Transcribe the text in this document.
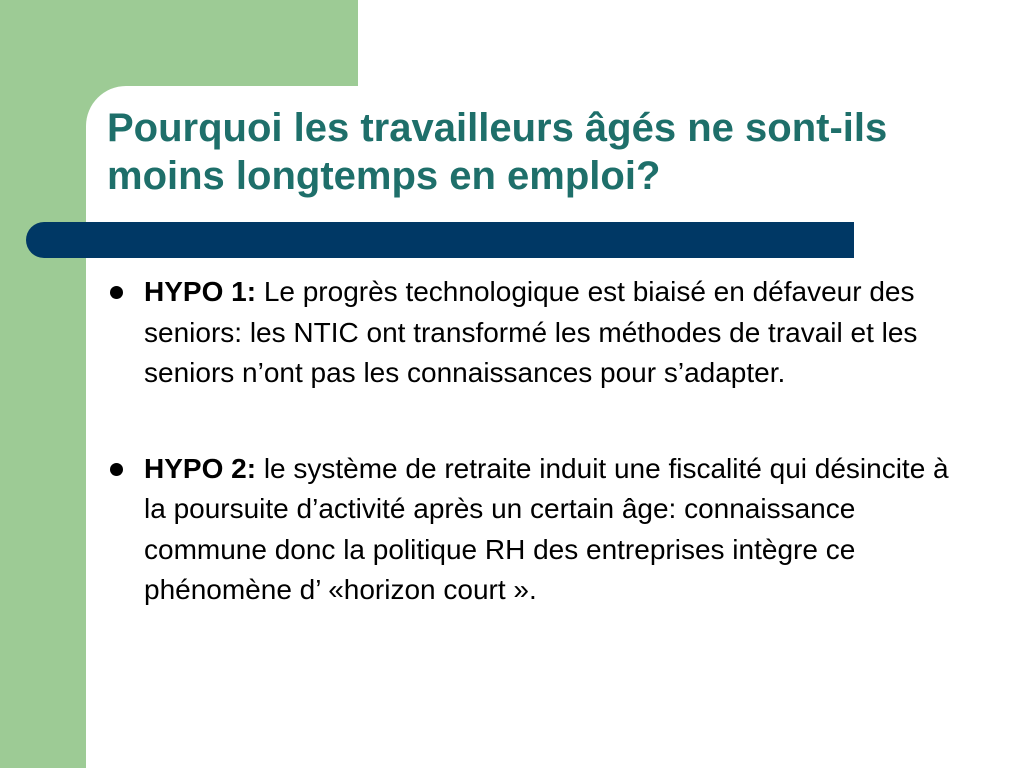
Pourquoi les travailleurs âgés ne sont-ils moins longtemps en emploi?
HYPO 1: Le progrès technologique est biaisé en défaveur des seniors: les NTIC ont transformé les méthodes de travail et les seniors n’ont pas les connaissances pour s’adapter.
HYPO 2: le système de retraite induit une fiscalité qui désincite à la poursuite d’activité après un certain âge: connaissance commune donc la politique RH des entreprises intègre ce phénomène d’ «horizon court ».
